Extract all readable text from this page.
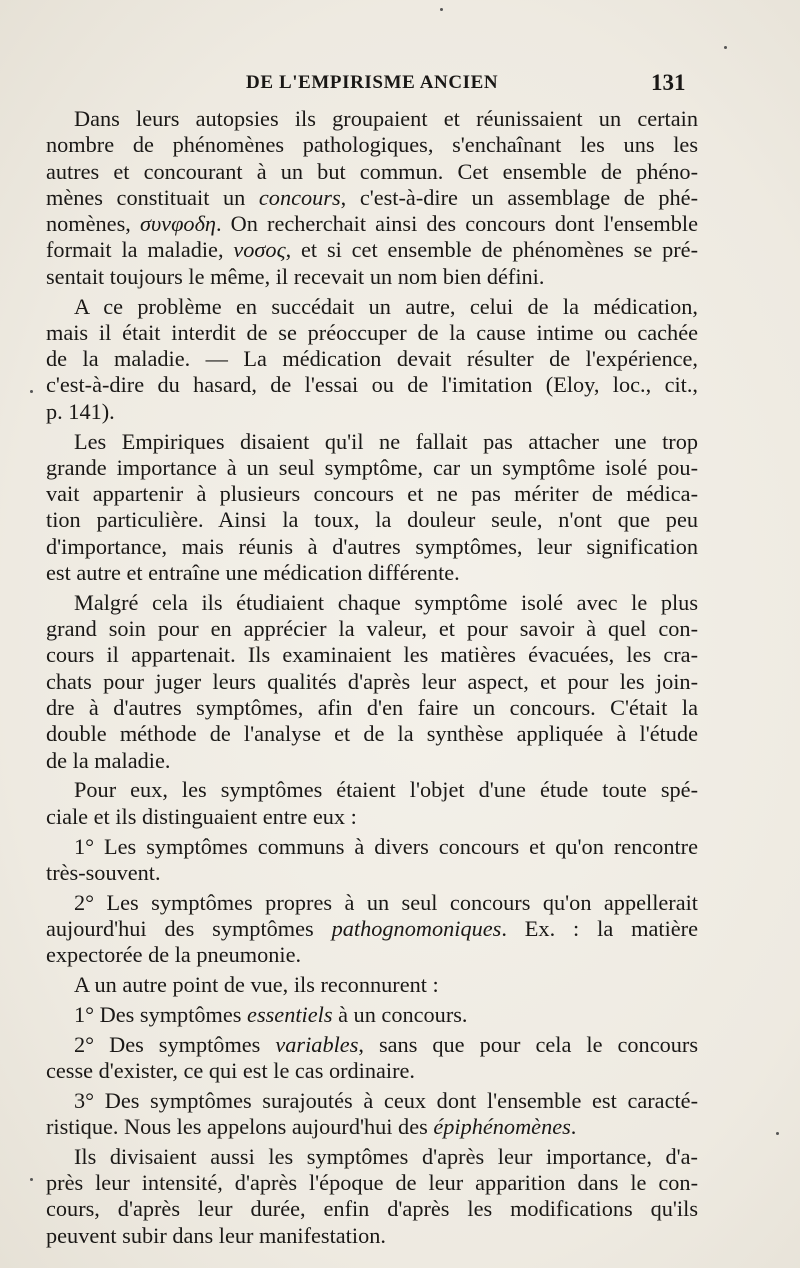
DE L'EMPIRISME ANCIEN	131
Dans leurs autopsies ils groupaient et réunissaient un certain
nombre de phénomènes pathologiques, s'enchaînant les uns les
autres et concourant à un but commun. Cet ensemble de phéno-
mènes constituait un concours, c'est-à-dire un assemblage de phé-
nomènes, συνφοδη. On recherchait ainsi des concours dont l'ensemble
formait la maladie, νοσος, et si cet ensemble de phénomènes se pré-
sentait toujours le même, il recevait un nom bien défini.
A ce problème en succédait un autre, celui de la médication,
mais il était interdit de se préoccuper de la cause intime ou cachée
de la maladie. — La médication devait résulter de l'expérience,
c'est-à-dire du hasard, de l'essai ou de l'imitation (Eloy, loc., cit.,
p. 141).
Les Empiriques disaient qu'il ne fallait pas attacher une trop
grande importance à un seul symptôme, car un symptôme isolé pou-
vait appartenir à plusieurs concours et ne pas mériter de médica-
tion particulière. Ainsi la toux, la douleur seule, n'ont que peu
d'importance, mais réunis à d'autres symptômes, leur signification
est autre et entraîne une médication différente.
Malgré cela ils étudiaient chaque symptôme isolé avec le plus
grand soin pour en apprécier la valeur, et pour savoir à quel con-
cours il appartenait. Ils examinaient les matières évacuées, les cra-
chats pour juger leurs qualités d'après leur aspect, et pour les join-
dre à d'autres symptômes, afin d'en faire un concours. C'était la
double méthode de l'analyse et de la synthèse appliquée à l'étude
de la maladie.
Pour eux, les symptômes étaient l'objet d'une étude toute spé-
ciale et ils distinguaient entre eux :
1° Les symptômes communs à divers concours et qu'on rencontre
très-souvent.
2° Les symptômes propres à un seul concours qu'on appellerait
aujourd'hui des symptômes pathognomoniques. Ex. : la matière
expectorée de la pneumonie.
A un autre point de vue, ils reconnurent :
1° Des symptômes essentiels à un concours.
2° Des symptômes variables, sans que pour cela le concours
cesse d'exister, ce qui est le cas ordinaire.
3° Des symptômes surajoutés à ceux dont l'ensemble est caracté-
ristique. Nous les appelons aujourd'hui des épiphénomènes.
Ils divisaient aussi les symptômes d'après leur importance, d'a-
près leur intensité, d'après l'époque de leur apparition dans le con-
cours, d'après leur durée, enfin d'après les modifications qu'ils
peuvent subir dans leur manifestation.
